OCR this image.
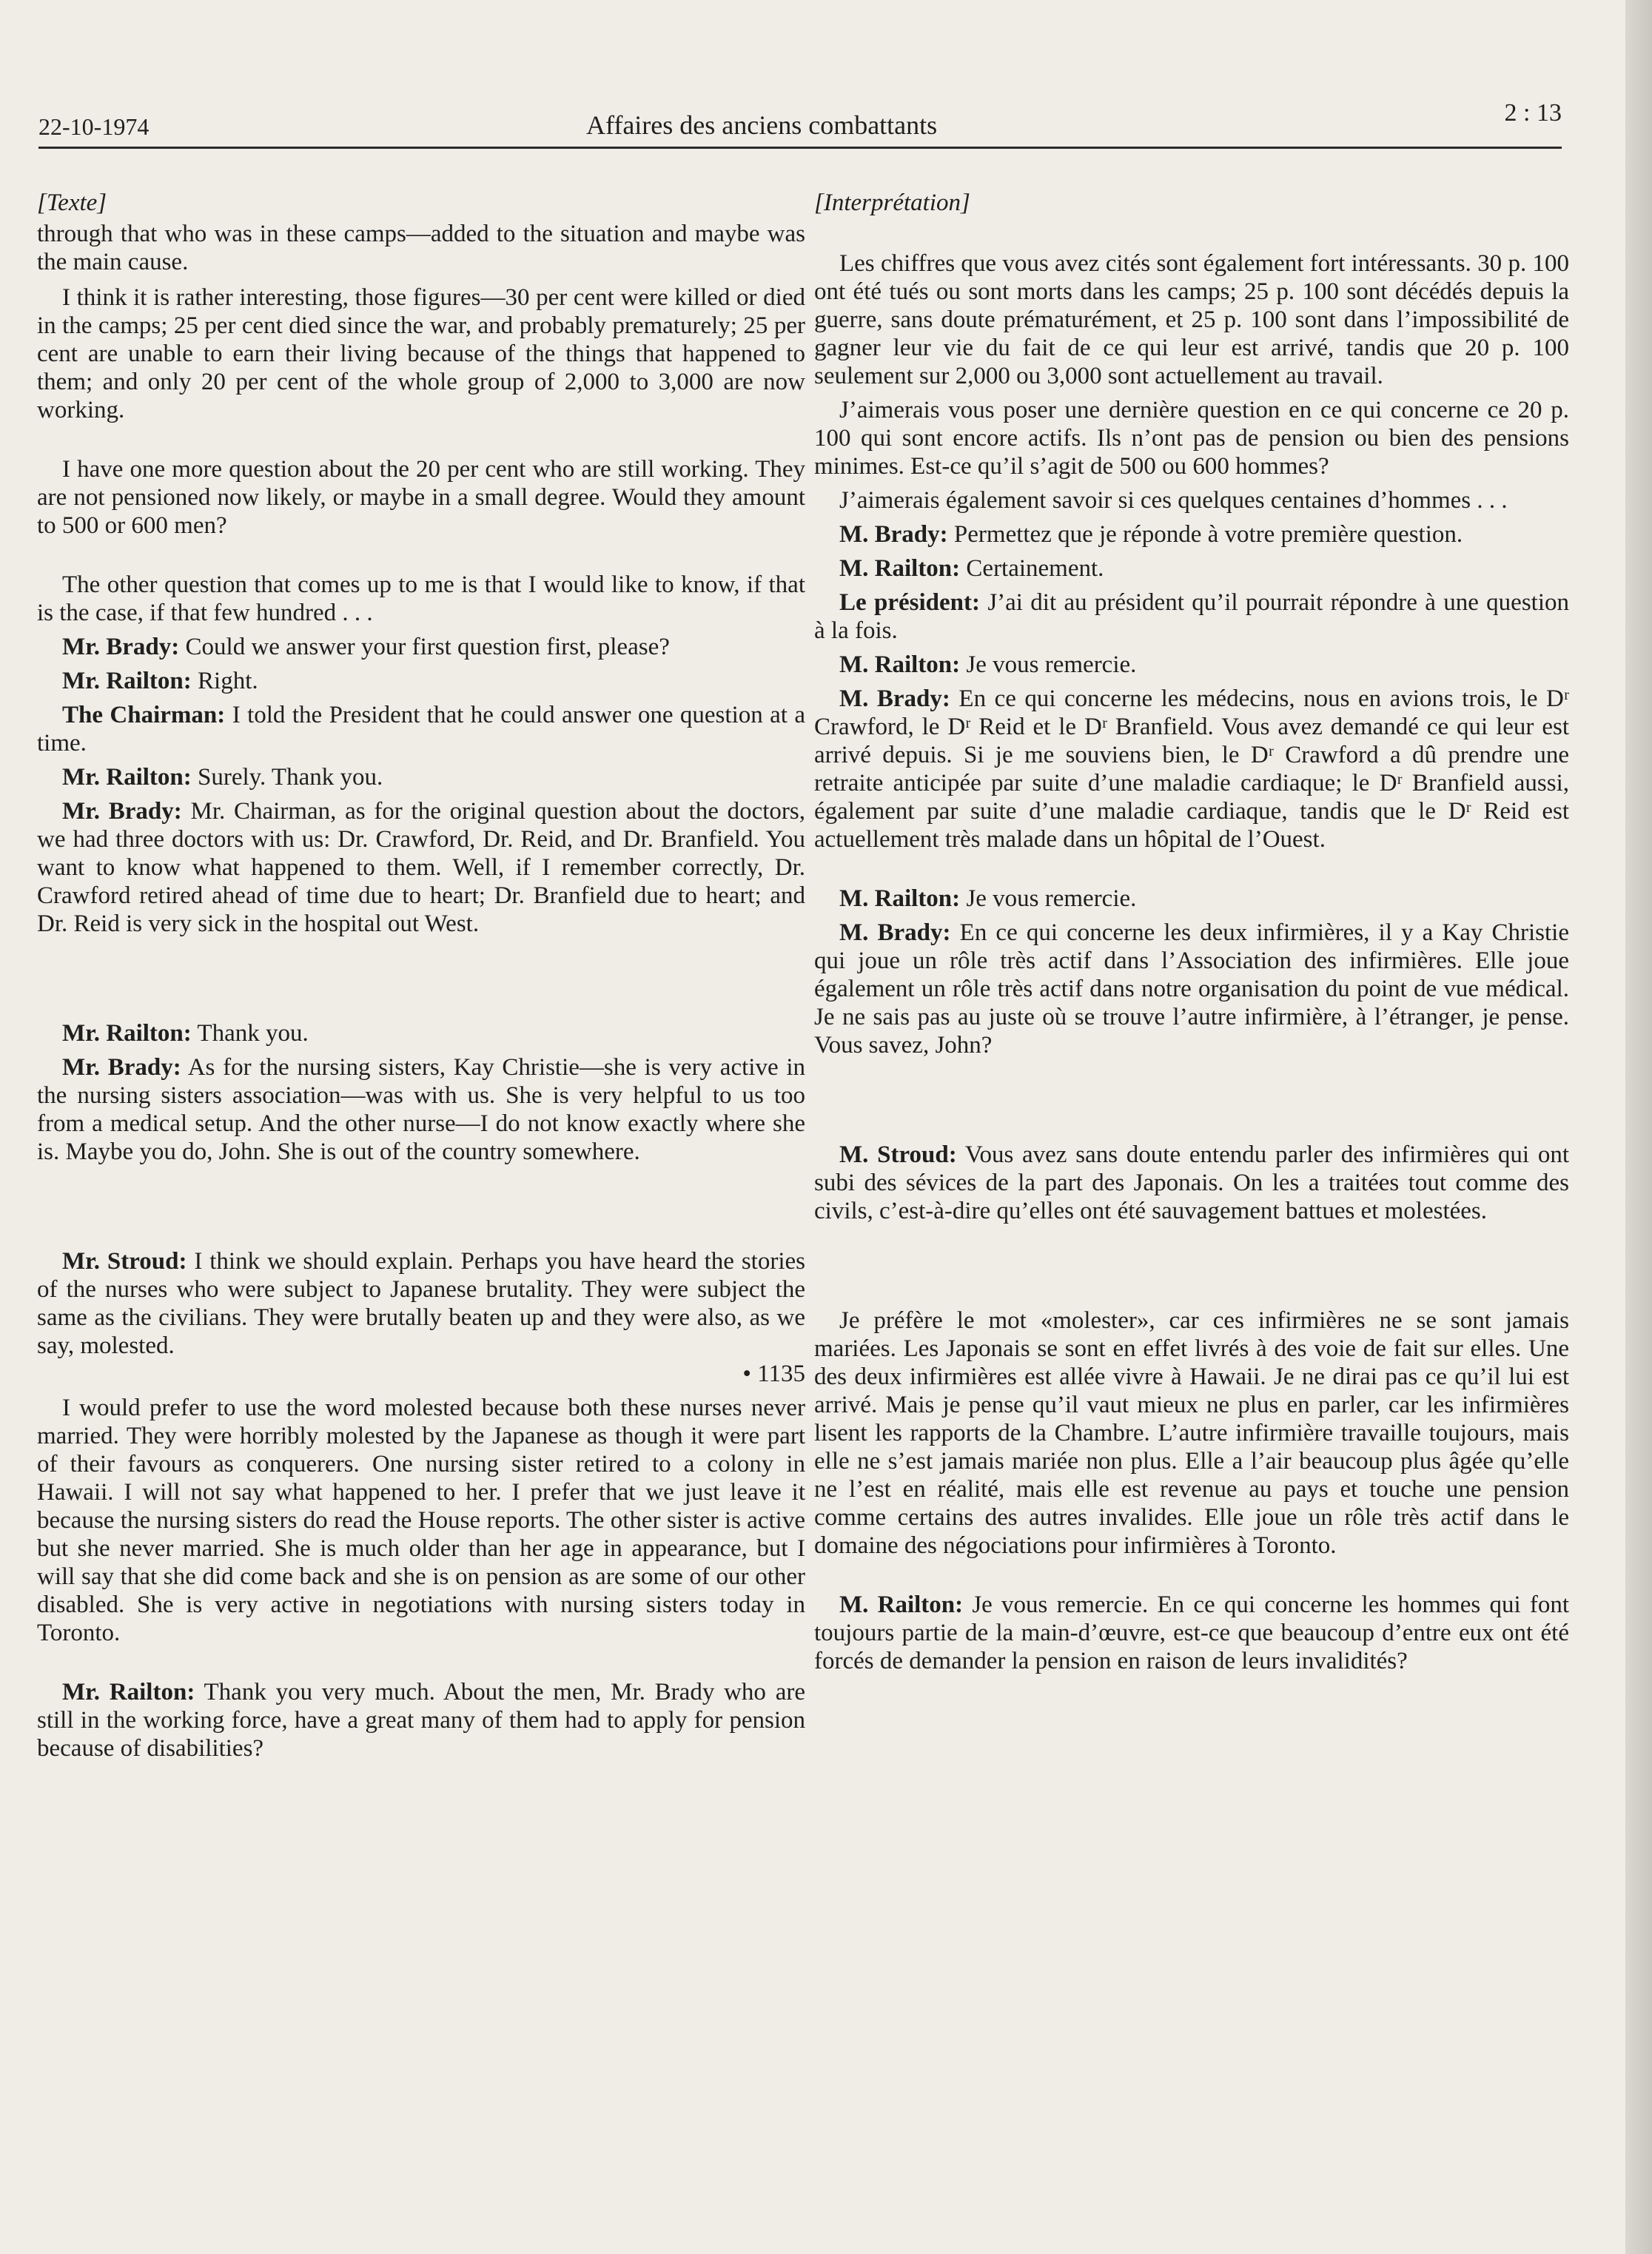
22-10-1974	Affaires des anciens combattants	2 : 13

[Texte]

through that who was in these camps—added to the situation and maybe was the main cause.

I think it is rather interesting, those figures—30 per cent were killed or died in the camps; 25 per cent died since the war, and probably prematurely; 25 per cent are unable to earn their living because of the things that happened to them; and only 20 per cent of the whole group of 2,000 to 3,000 are now working.

I have one more question about the 20 per cent who are still working. They are not pensioned now likely, or maybe in a small degree. Would they amount to 500 or 600 men?

The other question that comes up to me is that I would like to know, if that is the case, if that few hundred . . .

Mr. Brady: Could we answer your first question first, please?

Mr. Railton: Right.

The Chairman: I told the President that he could answer one question at a time.

Mr. Railton: Surely. Thank you.

Mr. Brady: Mr. Chairman, as for the original question about the doctors, we had three doctors with us: Dr. Crawford, Dr. Reid, and Dr. Branfield. You want to know what happened to them. Well, if I remember correctly, Dr. Crawford retired ahead of time due to heart; Dr. Branfield due to heart; and Dr. Reid is very sick in the hospital out West.

Mr. Railton: Thank you.

Mr. Brady: As for the nursing sisters, Kay Christie—she is very active in the nursing sisters association—was with us. She is very helpful to us too from a medical setup. And the other nurse—I do not know exactly where she is. Maybe you do, John. She is out of the country somewhere.

Mr. Stroud: I think we should explain. Perhaps you have heard the stories of the nurses who were subject to Japanese brutality. They were subject the same as the civilians. They were brutally beaten up and they were also, as we say, molested.

• 1135

I would prefer to use the word molested because both these nurses never married. They were horribly molested by the Japanese as though it were part of their favours as conquerers. One nursing sister retired to a colony in Hawaii. I will not say what happened to her. I prefer that we just leave it because the nursing sisters do read the House reports. The other sister is active but she never married. She is much older than her age in appearance, but I will say that she did come back and she is on pension as are some of our other disabled. She is very active in negotiations with nursing sisters today in Toronto.

Mr. Railton: Thank you very much. About the men, Mr. Brady who are still in the working force, have a great many of them had to apply for pension because of disabilities?

[Interprétation]

Les chiffres que vous avez cités sont également fort intéressants. 30 p. 100 ont été tués ou sont morts dans les camps; 25 p. 100 sont décédés depuis la guerre, sans doute prématurément, et 25 p. 100 sont dans l’impossibilité de gagner leur vie du fait de ce qui leur est arrivé, tandis que 20 p. 100 seulement sur 2,000 ou 3,000 sont actuellement au travail.

J’aimerais vous poser une dernière question en ce qui concerne ce 20 p. 100 qui sont encore actifs. Ils n’ont pas de pension ou bien des pensions minimes. Est-ce qu’il s’agit de 500 ou 600 hommes?

J’aimerais également savoir si ces quelques centaines d’hommes . . .

M. Brady: Permettez que je réponde à votre première question.

M. Railton: Certainement.

Le président: J’ai dit au président qu’il pourrait répondre à une question à la fois.

M. Railton: Je vous remercie.

M. Brady: En ce qui concerne les médecins, nous en avions trois, le Dʳ Crawford, le Dʳ Reid et le Dʳ Branfield. Vous avez demandé ce qui leur est arrivé depuis. Si je me souviens bien, le Dʳ Crawford a dû prendre une retraite anticipée par suite d’une maladie cardiaque; le Dʳ Branfield aussi, également par suite d’une maladie cardiaque, tandis que le Dʳ Reid est actuellement très malade dans un hôpital de l’Ouest.

M. Railton: Je vous remercie.

M. Brady: En ce qui concerne les deux infirmières, il y a Kay Christie qui joue un rôle très actif dans l’Association des infirmières. Elle joue également un rôle très actif dans notre organisation du point de vue médical. Je ne sais pas au juste où se trouve l’autre infirmière, à l’étranger, je pense. Vous savez, John?

M. Stroud: Vous avez sans doute entendu parler des infirmières qui ont subi des sévices de la part des Japonais. On les a traitées tout comme des civils, c’est-à-dire qu’elles ont été sauvagement battues et molestées.

Je préfère le mot «molester», car ces infirmières ne se sont jamais mariées. Les Japonais se sont en effet livrés à des voie de fait sur elles. Une des deux infirmières est allée vivre à Hawaii. Je ne dirai pas ce qu’il lui est arrivé. Mais je pense qu’il vaut mieux ne plus en parler, car les infirmières lisent les rapports de la Chambre. L’autre infirmière travaille toujours, mais elle ne s’est jamais mariée non plus. Elle a l’air beaucoup plus âgée qu’elle ne l’est en réalité, mais elle est revenue au pays et touche une pension comme certains des autres invalides. Elle joue un rôle très actif dans le domaine des négociations pour infirmières à Toronto.

M. Railton: Je vous remercie. En ce qui concerne les hommes qui font toujours partie de la main-d’œuvre, est-ce que beaucoup d’entre eux ont été forcés de demander la pension en raison de leurs invalidités?
